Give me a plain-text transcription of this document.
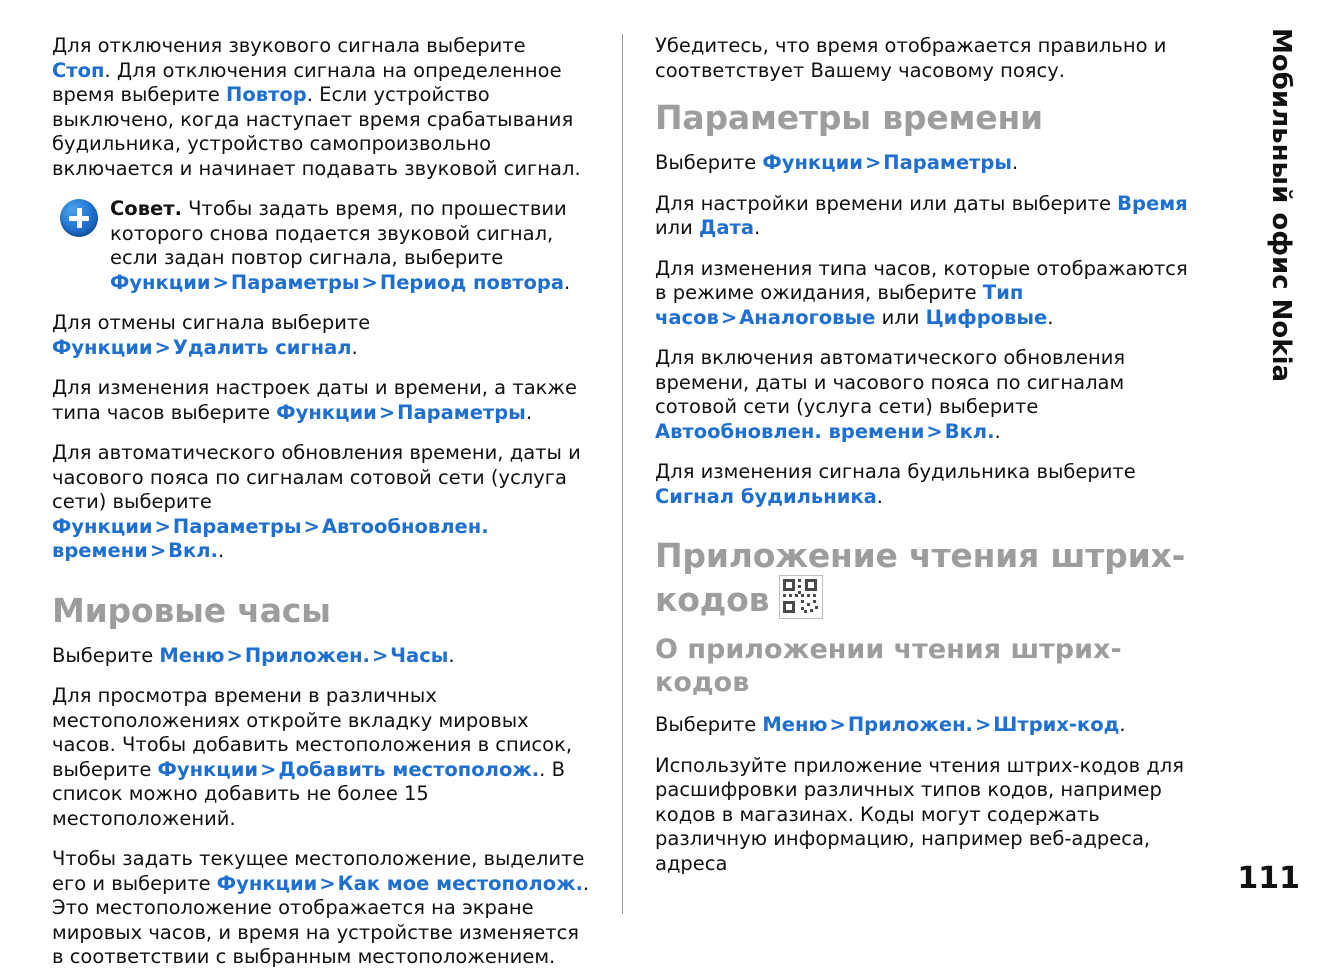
Для отключения звукового сигнала выберите Стоп. Для отключения сигнала на определенное время выберите Повтор. Если устройство выключено, когда наступает время срабатывания будильника, устройство самопроизвольно включается и начинает подавать звуковой сигнал.

Совет. Чтобы задать время, по прошествии которого снова подается звуковой сигнал, если задан повтор сигнала, выберите Функции > Параметры > Период повтора.

Для отмены сигнала выберите Функции > Удалить сигнал.

Для изменения настроек даты и времени, а также типа часов выберите Функции > Параметры.

Для автоматического обновления времени, даты и часового пояса по сигналам сотовой сети (услуга сети) выберите Функции > Параметры > Автообновлен. времени > Вкл..

Мировые часы

Выберите Меню > Приложен. > Часы.

Для просмотра времени в различных местоположениях откройте вкладку мировых часов. Чтобы добавить местоположения в список, выберите Функции > Добавить местополож.. В список можно добавить не более 15 местоположений.

Чтобы задать текущее местоположение, выделите его и выберите Функции > Как мое местополож.. Это местоположение отображается на экране мировых часов, и время на устройстве изменяется в соответствии с выбранным местоположением.

Убедитесь, что время отображается правильно и соответствует Вашему часовому поясу.

Параметры времени

Выберите Функции > Параметры.

Для настройки времени или даты выберите Время или Дата.

Для изменения типа часов, которые отображаются в режиме ожидания, выберите Тип часов > Аналоговые или Цифровые.

Для включения автоматического обновления времени, даты и часового пояса по сигналам сотовой сети (услуга сети) выберите Автообновлен. времени > Вкл..

Для изменения сигнала будильника выберите Сигнал будильника.

Приложение чтения штрих-кодов
О приложении чтения штрих-кодов

Выберите Меню > Приложен. > Штрих-код.

Используйте приложение чтения штрих-кодов для расшифровки различных типов кодов, например кодов в магазинах. Коды могут содержать различную информацию, например веб-адреса, адреса

Мобильный офис Nokia
111
